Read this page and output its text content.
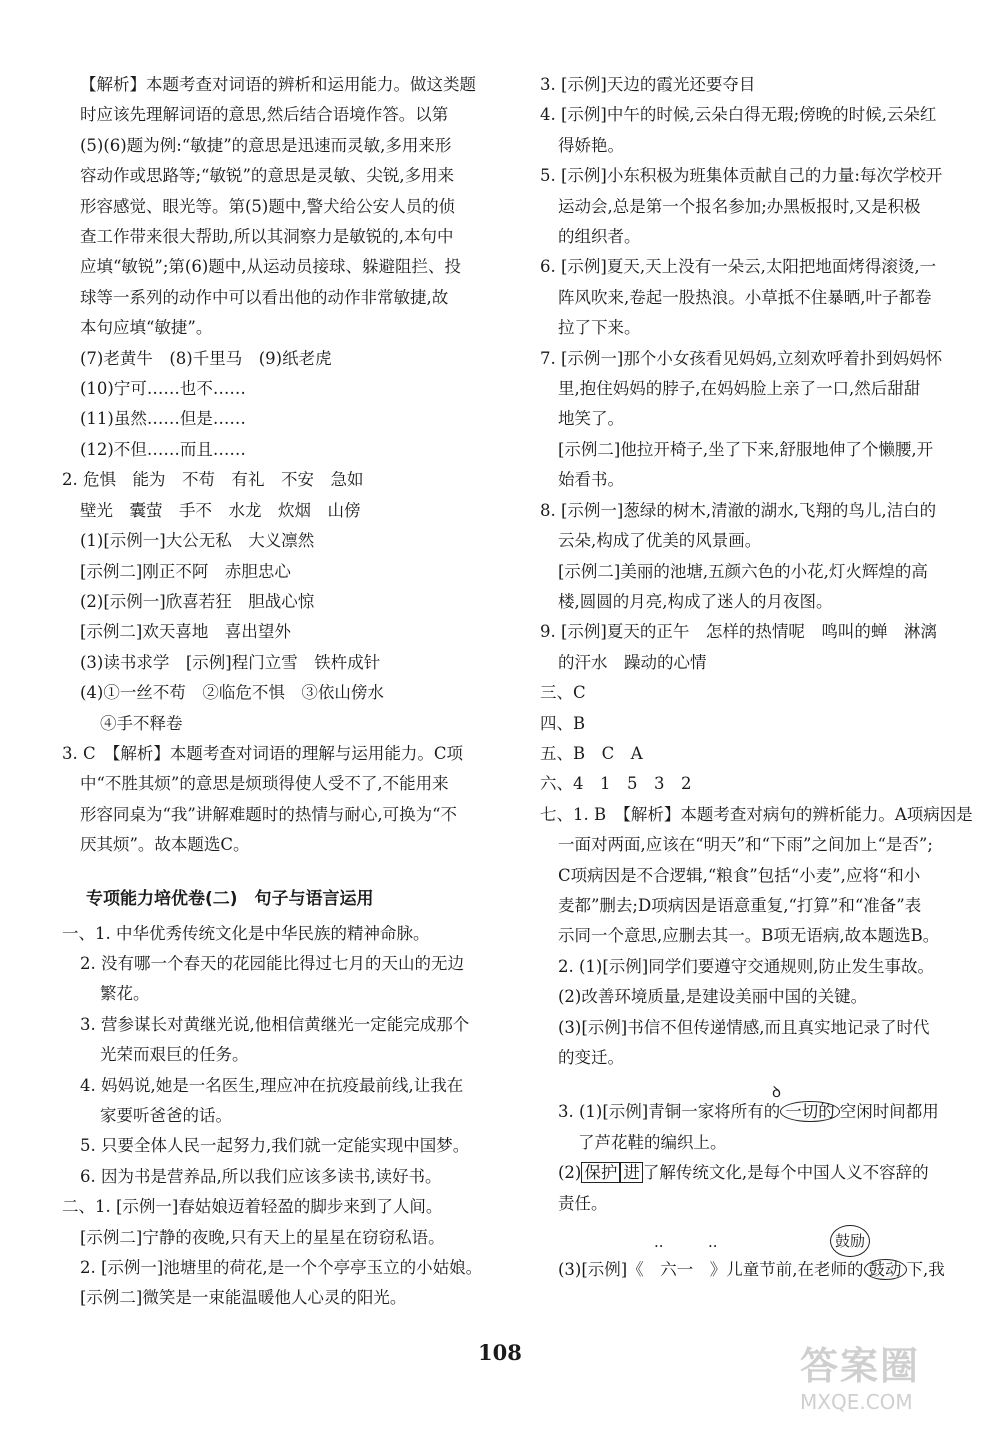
【解析】本题考查对词语的辨析和运用能力。做这类题
时应该先理解词语的意思,然后结合语境作答。以第
(5)(6)题为例:“敏捷”的意思是迅速而灵敏,多用来形
容动作或思路等;“敏锐”的意思是灵敏、尖锐,多用来
形容感觉、眼光等。第(5)题中,警犬给公安人员的侦
查工作带来很大帮助,所以其洞察力是敏锐的,本句中
应填“敏锐”;第(6)题中,从运动员接球、躲避阻拦、投
球等一系列的动作中可以看出他的动作非常敏捷,故
本句应填“敏捷”。
(7)老黄牛　(8)千里马　(9)纸老虎
(10)宁可……也不……
(11)虽然……但是……
(12)不但……而且……
2. 危惧　能为　不苟　有礼　不安　急如
壁光　囊萤　手不　水龙　炊烟　山傍
(1)[示例一]大公无私　大义凛然
[示例二]刚正不阿　赤胆忠心
(2)[示例一]欣喜若狂　胆战心惊
[示例二]欢天喜地　喜出望外
(3)读书求学　[示例]程门立雪　铁杵成针
(4)①一丝不苟　②临危不惧　③依山傍水
④手不释卷
3. C　【解析】本题考查对词语的理解与运用能力。C项
中“不胜其烦”的意思是烦琐得使人受不了,不能用来
形容同桌为“我”讲解难题时的热情与耐心,可换为“不
厌其烦”。故本题选C。
专项能力培优卷(二)　句子与语言运用
一、1. 中华优秀传统文化是中华民族的精神命脉。
2. 没有哪一个春天的花园能比得过七月的天山的无边
繁花。
3. 营参谋长对黄继光说,他相信黄继光一定能完成那个
光荣而艰巨的任务。
4. 妈妈说,她是一名医生,理应冲在抗疫最前线,让我在
家要听爸爸的话。
5. 只要全体人民一起努力,我们就一定能实现中国梦。
6. 因为书是营养品,所以我们应该多读书,读好书。
二、1. [示例一]春姑娘迈着轻盈的脚步来到了人间。
[示例二]宁静的夜晚,只有天上的星星在窃窃私语。
2. [示例一]池塘里的荷花,是一个个亭亭玉立的小姑娘。
[示例二]微笑是一束能温暖他人心灵的阳光。
3. [示例]天边的霞光还要夺目
4. [示例]中午的时候,云朵白得无瑕;傍晚的时候,云朵红
得娇艳。
5. [示例]小东积极为班集体贡献自己的力量:每次学校开
运动会,总是第一个报名参加;办黑板报时,又是积极
的组织者。
6. [示例]夏天,天上没有一朵云,太阳把地面烤得滚烫,一
阵风吹来,卷起一股热浪。小草抵不住暴晒,叶子都卷
拉了下来。
7. [示例一]那个小女孩看见妈妈,立刻欢呼着扑到妈妈怀
里,抱住妈妈的脖子,在妈妈脸上亲了一口,然后甜甜
地笑了。
[示例二]他拉开椅子,坐了下来,舒服地伸了个懒腰,开
始看书。
8. [示例一]葱绿的树木,清澈的湖水,飞翔的鸟儿,洁白的
云朵,构成了优美的风景画。
[示例二]美丽的池塘,五颜六色的小花,灯火辉煌的高
楼,圆圆的月亮,构成了迷人的月夜图。
9. [示例]夏天的正午　怎样的热情呢　鸣叫的蝉　淋漓
的汗水　躁动的心情
三、C
四、B
五、B　C　A
六、4　1　5　3　2
七、1. B　【解析】本题考查对病句的辨析能力。A项病因是
一面对两面,应该在“明天”和“下雨”之间加上“是否”;
C项病因是不合逻辑,“粮食”包括“小麦”,应将“和小
麦都”删去;D项病因是语意重复,“打算”和“准备”表
示同一个意思,应删去其一。B项无语病,故本题选B。
2. (1)[示例]同学们要遵守交通规则,防止发生事故。
(2)改善环境质量,是建设美丽中国的关键。
(3)[示例]书信不但传递情感,而且真实地记录了时代
的变迁。
3. (1)[示例]青铜一家将所有的 一切的 空闲时间都用
ꝺ
了芦花鞋的编织上。
(2) 保护 进 了解传统文化,是每个中国人义不容辞的
责任。
(3)[示例]《　六一　》儿童节前,在老师的 鼓动 下,我
鼓励
··	··
108	答案圈
MXQE.COM
